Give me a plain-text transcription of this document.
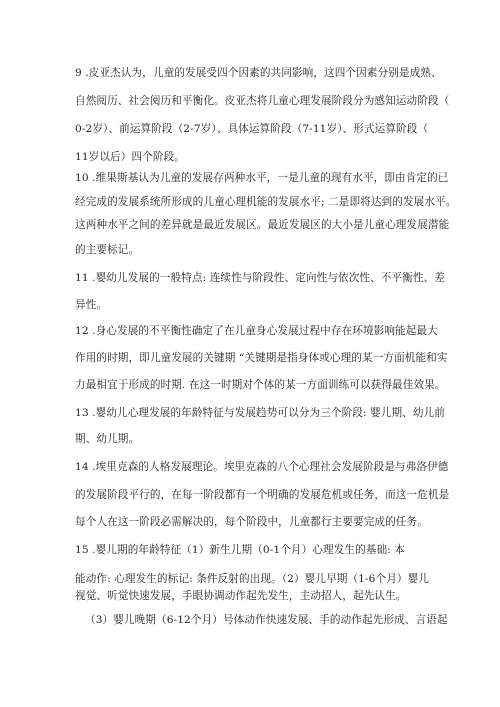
9 .皮亚杰认为，儿童的发展受四个因素的共同影响，这四个因素分别是成熟、
自然阅历、社会阅历和平衡化。皮亚杰将儿童心理发展阶段分为感知运动阶段（
0-2岁）、前运算阶段（2-7岁）、具体运算阶段（7-11岁）、形式运算阶段（
11岁以后）四个阶段。
10 .维果斯基认为儿童的发展存两种水平，一是儿童的现有水平，即由肯定的已
经完成的发展系统所形成的儿童心理机能的发展水平; 二是即将达到的发展水平。
这两种水平之间的差异就是最近发展区。最近发展区的大小是儿童心理发展潜能
的主要标记。
11 .婴幼儿发展的一般特点: 连续性与阶段性、定向性与依次性、不平衡性、差
异性。
12 .身心发展的不平衡性确定了在儿童身心发展过程中存在环境影响能起最大
作用的时期，即儿童发展的关键期 “关键期是指身体或心理的某一方面机能和实
力最相宜于形成的时期. 在这一时期对个体的某一方面训练可以获得最佳效果。
13 .婴幼儿心理发展的年龄特征与发展趋势可以分为三个阶段: 婴儿期、幼儿前
期、幼儿期。
14 .埃里克森的人格发展理论。埃里克森的八个心理社会发展阶段是与弗洛伊德
的发展阶段平行的，在每一阶段都有一个明确的发展危机或任务，而这一危机是
每个人在这一阶段必需解决的，每个阶段中，儿童都行主要要完成的任务。
15 .婴儿期的年龄特征（1）新生儿期（0-1个月）心理发生的基础: 本
能动作: 心理发生的标记: 条件反射的出现。（2）婴儿早期（1-6个月）婴儿
视觉、听觉快速发展，手眼协调动作起先发生，主动招人，起先认生。
（3）婴儿晚期（6-12个月）号体动作快速发展、手的动作起先形成、言语起
